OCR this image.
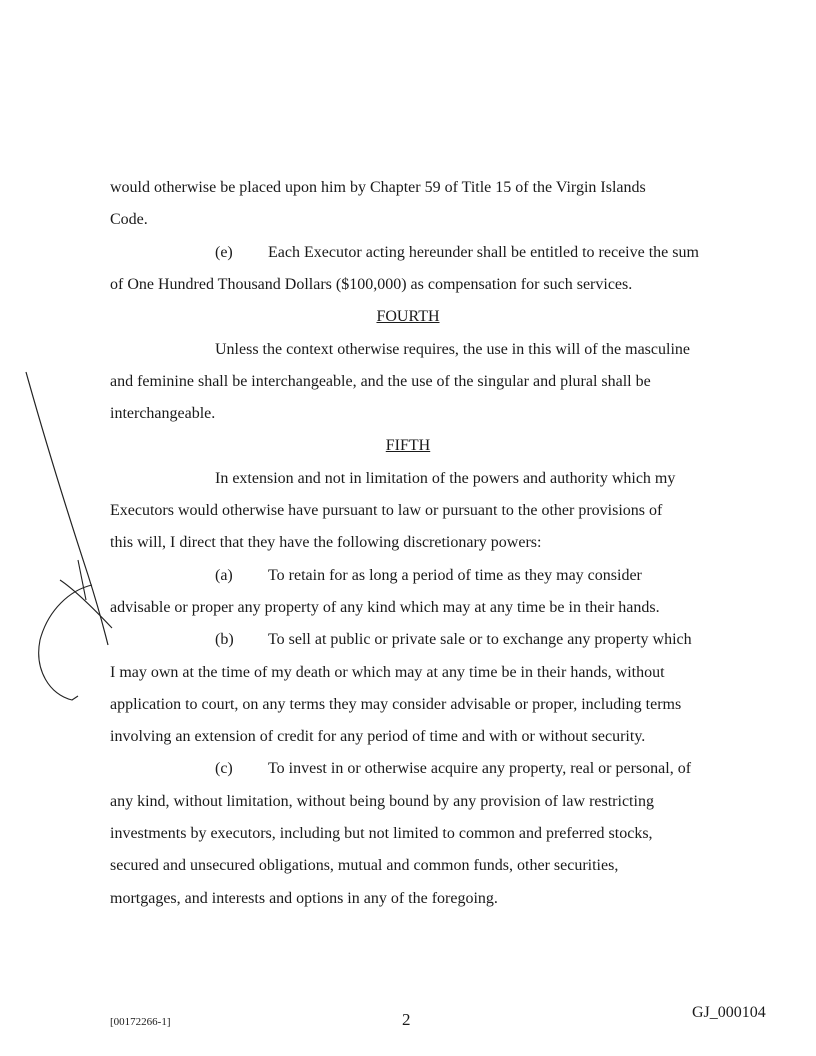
would otherwise be placed upon him by Chapter 59 of Title 15 of the Virgin Islands
Code.
(e) Each Executor acting hereunder shall be entitled to receive the sum
of One Hundred Thousand Dollars ($100,000) as compensation for such services.
FOURTH
Unless the context otherwise requires, the use in this will of the masculine
and feminine shall be interchangeable, and the use of the singular and plural shall be
interchangeable.
FIFTH
In extension and not in limitation of the powers and authority which my
Executors would otherwise have pursuant to law or pursuant to the other provisions of
this will, I direct that they have the following discretionary powers:
(a) To retain for as long a period of time as they may consider
advisable or proper any property of any kind which may at any time be in their hands.
(b) To sell at public or private sale or to exchange any property which
I may own at the time of my death or which may at any time be in their hands, without
application to court, on any terms they may consider advisable or proper, including terms
involving an extension of credit for any period of time and with or without security.
(c) To invest in or otherwise acquire any property, real or personal, of
any kind, without limitation, without being bound by any provision of law restricting
investments by executors, including but not limited to common and preferred stocks,
secured and unsecured obligations, mutual and common funds, other securities,
mortgages, and interests and options in any of the foregoing.
[00172266-1]	2	GJ_000104
